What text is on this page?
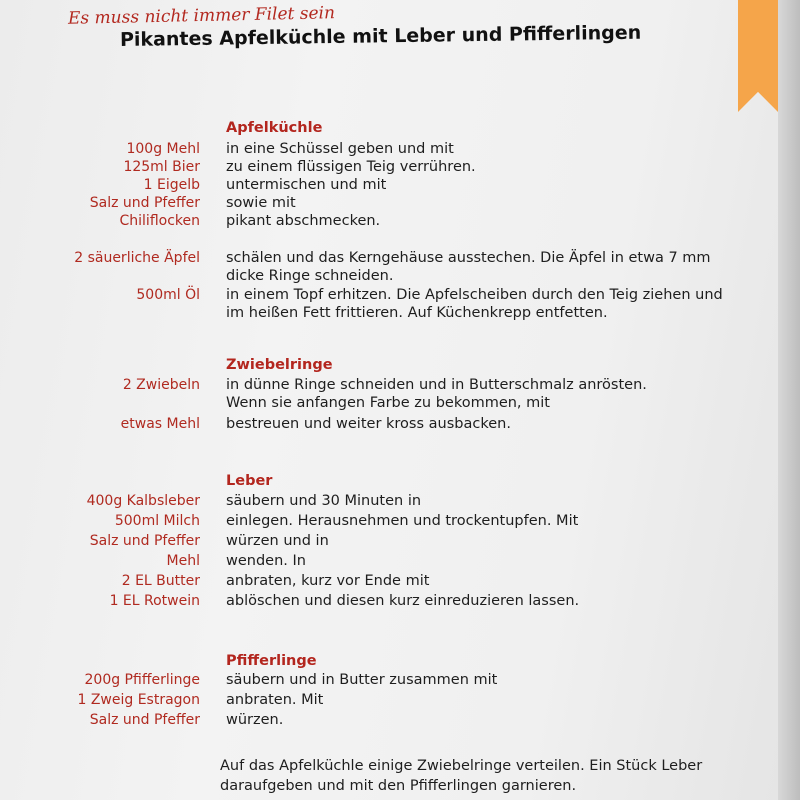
Es muss nicht immer Filet sein
Pikantes Apfelküchle mit Leber und Pfifferlingen
Apfelküchle
100g Mehl in eine Schüssel geben und mit
125ml Bier zu einem flüssigen Teig verrühren.
1 Eigelb untermischen und mit
Salz und Pfeffer sowie mit
Chiliflocken pikant abschmecken.
2 säuerliche Äpfel schälen und das Kerngehäuse ausstechen. Die Äpfel in etwa 7 mm
dicke Ringe schneiden.
500ml Öl in einem Topf erhitzen. Die Apfelscheiben durch den Teig ziehen und
im heißen Fett frittieren. Auf Küchenkrepp entfetten.
Zwiebelringe
2 Zwiebeln in dünne Ringe schneiden und in Butterschmalz anrösten.
Wenn sie anfangen Farbe zu bekommen, mit
etwas Mehl bestreuen und weiter kross ausbacken.
Leber
400g Kalbsleber säubern und 30 Minuten in
500ml Milch einlegen. Herausnehmen und trockentupfen. Mit
Salz und Pfeffer würzen und in
Mehl wenden. In
2 EL Butter anbraten, kurz vor Ende mit
1 EL Rotwein ablöschen und diesen kurz einreduzieren lassen.
Pfifferlinge
200g Pfifferlinge säubern und in Butter zusammen mit
1 Zweig Estragon anbraten. Mit
Salz und Pfeffer würzen.
Auf das Apfelküchle einige Zwiebelringe verteilen. Ein Stück Leber
daraufgeben und mit den Pfifferlingen garnieren.
